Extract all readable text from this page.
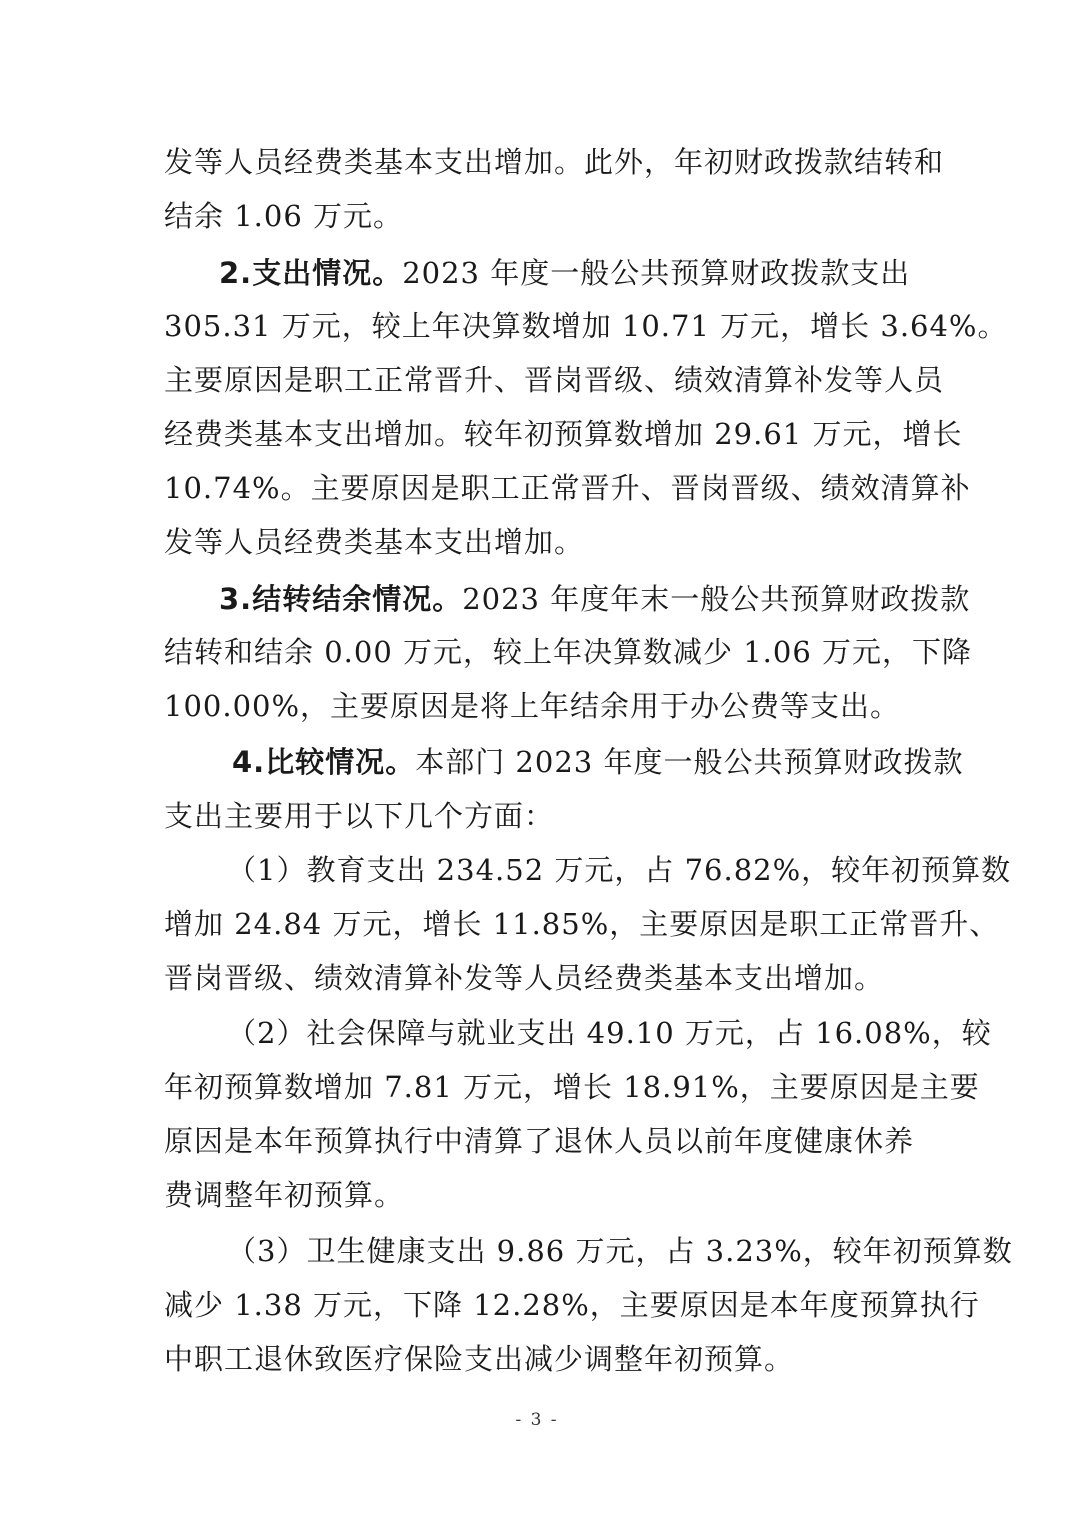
发等人员经费类基本支出增加。此外，年初财政拨款结转和
结余 1.06 万元。
2.支出情况。2023 年度一般公共预算财政拨款支出
305.31 万元，较上年决算数增加 10.71 万元，增长 3.64%。
主要原因是职工正常晋升、晋岗晋级、绩效清算补发等人员
经费类基本支出增加。较年初预算数增加 29.61 万元，增长
10.74%。主要原因是职工正常晋升、晋岗晋级、绩效清算补
发等人员经费类基本支出增加。
3.结转结余情况。2023 年度年末一般公共预算财政拨款
结转和结余 0.00 万元，较上年决算数减少 1.06 万元，下降
100.00%，主要原因是将上年结余用于办公费等支出。
4.比较情况。本部门 2023 年度一般公共预算财政拨款
支出主要用于以下几个方面：
（1）教育支出 234.52 万元，占 76.82%，较年初预算数
增加 24.84 万元，增长 11.85%，主要原因是职工正常晋升、
晋岗晋级、绩效清算补发等人员经费类基本支出增加。
（2）社会保障与就业支出 49.10 万元，占 16.08%，较
年初预算数增加 7.81 万元，增长 18.91%，主要原因是主要
原因是本年预算执行中清算了退休人员以前年度健康休养
费调整年初预算。
（3）卫生健康支出 9.86 万元，占 3.23%，较年初预算数
减少 1.38 万元，下降 12.28%，主要原因是本年度预算执行
中职工退休致医疗保险支出减少调整年初预算。
- 3 -
